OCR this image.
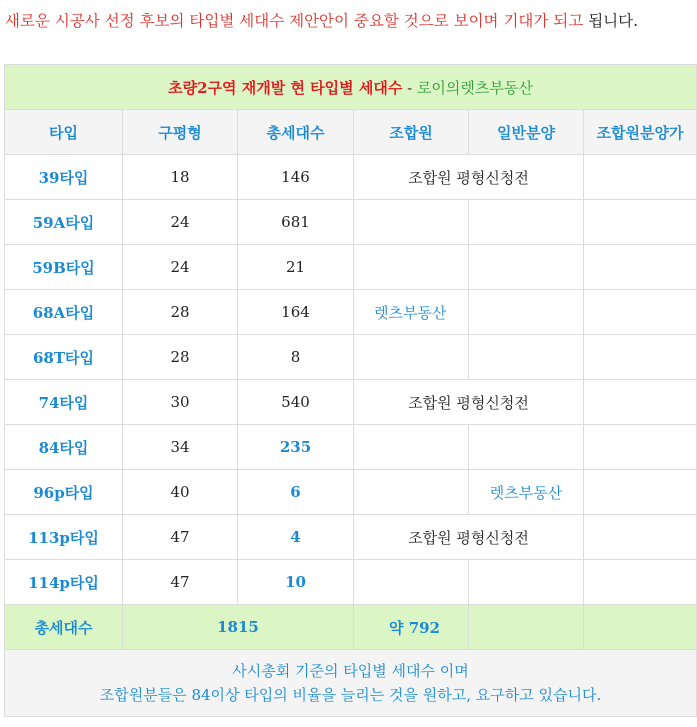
새로운 시공사 선정 후보의 타입별 세대수 제안안이 중요할 것으로 보이며 기대가 되고 됩니다.
초량2구역 재개발 현 타입별 세대수 - 로이의렛츠부동산					
타입	구평형	총세대수	조합원	일반분양	조합원분양가
39타입	18	146	조합원 평형신청전		
59A타입	24	681			
59B타입	24	21			
68A타입	28	164	렛츠부동산		
68T타입	28	8			
74타입	30	540	조합원 평형신청전		
84타입	34	235			
96p타입	40	6		렛츠부동산	
113p타입	47	4	조합원 평형신청전		
114p타입	47	10			
총세대수	1815		약 792		

사시총회 기준의 타입별 세대수 이며
조합원분들은 84이상 타입의 비율을 늘리는 것을 원하고, 요구하고 있습니다.					
